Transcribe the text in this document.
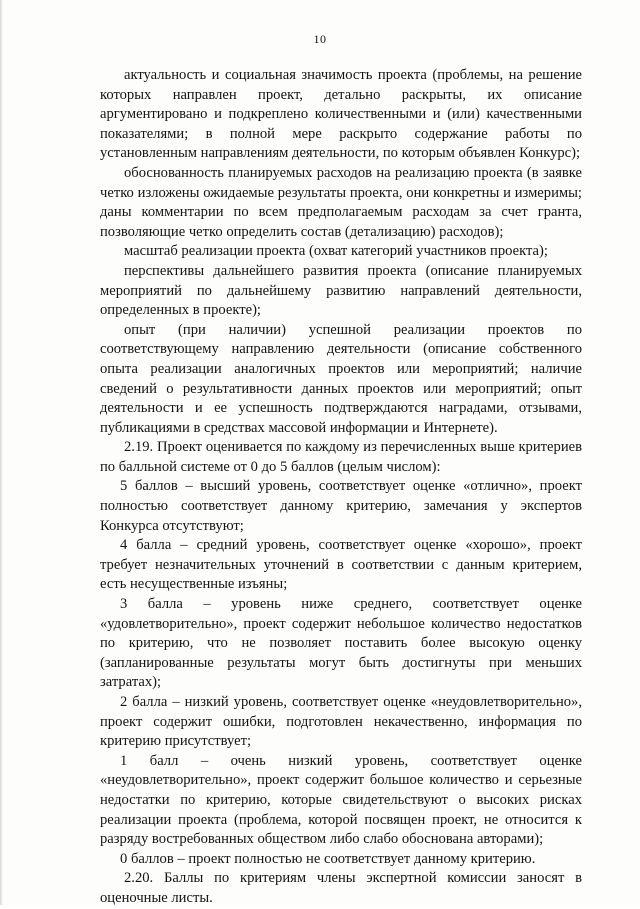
10

актуальность и социальная значимость проекта (проблемы, на решение которых направлен проект, детально раскрыты, их описание аргументировано и подкреплено количественными и (или) качественными показателями; в полной мере раскрыто содержание работы по установленным направлениям деятельности, по которым объявлен Конкурс);

обоснованность планируемых расходов на реализацию проекта (в заявке четко изложены ожидаемые результаты проекта, они конкретны и измеримы; даны комментарии по всем предполагаемым расходам за счет гранта, позволяющие четко определить состав (детализацию) расходов);

масштаб реализации проекта (охват категорий участников проекта);

перспективы дальнейшего развития проекта (описание планируемых мероприятий по дальнейшему развитию направлений деятельности, определенных в проекте);

опыт (при наличии) успешной реализации проектов по соответствующему направлению деятельности (описание собственного опыта реализации аналогичных проектов или мероприятий; наличие сведений о результативности данных проектов или мероприятий; опыт деятельности и ее успешность подтверждаются наградами, отзывами, публикациями в средствах массовой информации и Интернете).

2.19. Проект оценивается по каждому из перечисленных выше критериев по балльной системе от 0 до 5 баллов (целым числом):

5 баллов – высший уровень, соответствует оценке «отлично», проект полностью соответствует данному критерию, замечания у экспертов Конкурса отсутствуют;

4 балла – средний уровень, соответствует оценке «хорошо», проект требует незначительных уточнений в соответствии с данным критерием, есть несущественные изъяны;

3 балла – уровень ниже среднего, соответствует оценке «удовлетворительно», проект содержит небольшое количество недостатков по критерию, что не позволяет поставить более высокую оценку (запланированные результаты могут быть достигнуты при меньших затратах);

2 балла – низкий уровень, соответствует оценке «неудовлетворительно», проект содержит ошибки, подготовлен некачественно, информация по критерию присутствует;

1 балл – очень низкий уровень, соответствует оценке «неудовлетворительно», проект содержит большое количество и серьезные недостатки по критерию, которые свидетельствуют о высоких рисках реализации проекта (проблема, которой посвящен проект, не относится к разряду востребованных обществом либо слабо обоснована авторами);

0 баллов – проект полностью не соответствует данному критерию.

2.20. Баллы по критериям члены экспертной комиссии заносят в оценочные листы.
